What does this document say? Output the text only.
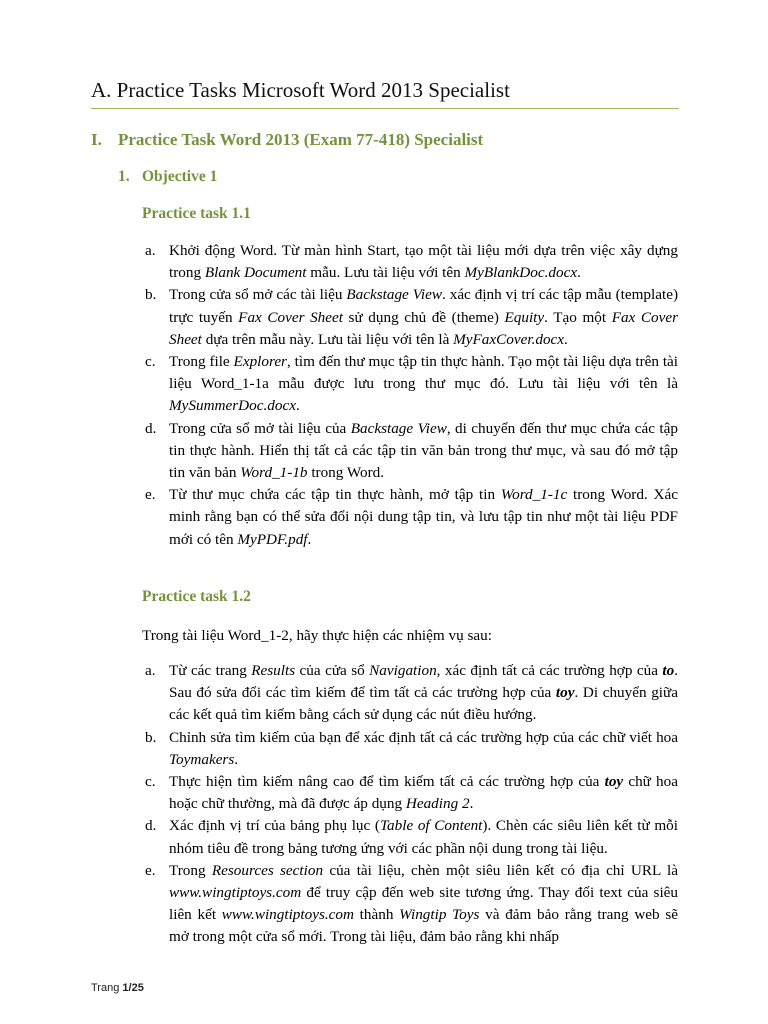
A. Practice Tasks Microsoft Word 2013 Specialist
I. Practice Task Word 2013 (Exam 77-418) Specialist
1. Objective 1
Practice task 1.1
a. Khởi động Word. Từ màn hình Start, tạo một tài liệu mới dựa trên việc xây dựng trong Blank Document mẫu. Lưu tài liệu với tên MyBlankDoc.docx.
b. Trong cửa sổ mở các tài liệu Backstage View. xác định vị trí các tập mẫu (template) trực tuyến Fax Cover Sheet sử dụng chủ đề (theme) Equity. Tạo một Fax Cover Sheet dựa trên mẫu này. Lưu tài liệu với tên là MyFaxCover.docx.
c. Trong file Explorer, tìm đến thư mục tập tin thực hành. Tạo một tài liệu dựa trên tài liệu Word_1-1a mẫu được lưu trong thư mục đó. Lưu tài liệu với tên là MySummerDoc.docx.
d. Trong cửa sổ mở tài liệu của Backstage View, di chuyển đến thư mục chứa các tập tin thực hành. Hiển thị tất cả các tập tin văn bản trong thư mục, và sau đó mở tập tin văn bản Word_1-1b trong Word.
e. Từ thư mục chứa các tập tin thực hành, mở tập tin Word_1-1c trong Word. Xác minh rằng bạn có thể sửa đổi nội dung tập tin, và lưu tập tin như một tài liệu PDF mới có tên MyPDF.pdf.
Practice task 1.2
Trong tài liệu Word_1-2, hãy thực hiện các nhiệm vụ sau:
a. Từ các trang Results của cửa sổ Navigation, xác định tất cả các trường hợp của to. Sau đó sửa đổi các tìm kiếm để tìm tất cả các trường hợp của toy. Di chuyển giữa các kết quả tìm kiếm bằng cách sử dụng các nút điều hướng.
b. Chỉnh sửa tìm kiếm của bạn để xác định tất cả các trường hợp của các chữ viết hoa Toymakers.
c. Thực hiện tìm kiếm nâng cao để tìm kiếm tất cả các trường hợp của toy chữ hoa hoặc chữ thường, mà đã được áp dụng Heading 2.
d. Xác định vị trí của bảng phụ lục (Table of Content). Chèn các siêu liên kết từ mỗi nhóm tiêu đề trong bảng tương ứng với các phần nội dung trong tài liệu.
e. Trong Resources section của tài liệu, chèn một siêu liên kết có địa chỉ URL là www.wingtiptoys.com để truy cập đến web site tương ứng. Thay đổi text của siêu liên kết www.wingtiptoys.com thành Wingtip Toys và đảm bảo rằng trang web sẽ mở trong một cửa sổ mới. Trong tài liệu, đảm bảo rằng khi nhấp
Trang 1/25
